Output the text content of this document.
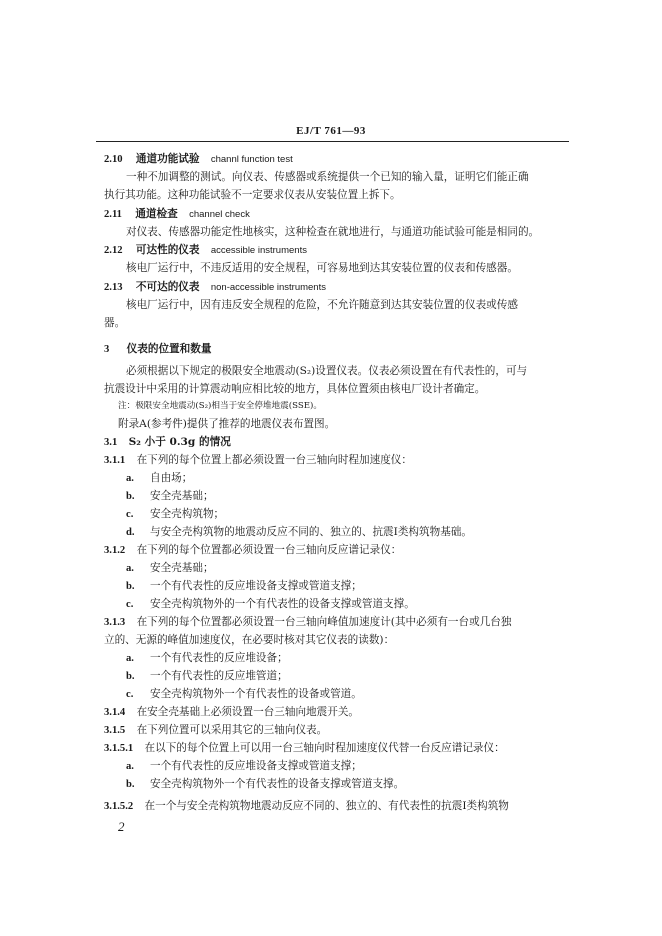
EJ/T 761—93
2.10 通道功能试验 channl function test
一种不加调整的测试。向仪表、传感器或系统提供一个已知的输入量，证明它们能正确
执行其功能。这种功能试验不一定要求仪表从安装位置上拆下。
2.11 通道检查 channel check
对仪表、传感器功能定性地核实，这种检查在就地进行，与通道功能试验可能是相同的。
2.12 可达性的仪表 accessible instruments
核电厂运行中，不违反适用的安全规程，可容易地到达其安装位置的仪表和传感器。
2.13 不可达的仪表 non-accessible instruments
核电厂运行中，因有违反安全规程的危险，不允许随意到达其安装位置的仪表或传感
器。
3 仪表的位置和数量
必须根据以下规定的极限安全地震动(S₂)设置仪表。仪表必须设置在有代表性的，可与
抗震设计中采用的计算震动响应相比较的地方，具体位置须由核电厂设计者确定。
注：极限安全地震动(S₂)相当于安全停堆地震(SSE)。
附录A(参考件)提供了推荐的地震仪表布置图。
3.1 S₂ 小于 0.3g 的情况
3.1.1 在下列的每个位置上都必须设置一台三轴向时程加速度仪：
a. 自由场；
b. 安全壳基础；
c. 安全壳构筑物；
d. 与安全壳构筑物的地震动反应不同的、独立的、抗震Ⅰ类构筑物基础。
3.1.2 在下列的每个位置都必须设置一台三轴向反应谱记录仪：
a. 安全壳基础；
b. 一个有代表性的反应堆设备支撑或管道支撑；
c. 安全壳构筑物外的一个有代表性的设备支撑或管道支撑。
3.1.3 在下列的每个位置都必须设置一台三轴向峰值加速度计(其中必须有一台或几台独
立的、无源的峰值加速度仪，在必要时核对其它仪表的读数)：
a. 一个有代表性的反应堆设备；
b. 一个有代表性的反应堆管道；
c. 安全壳构筑物外一个有代表性的设备或管道。
3.1.4 在安全壳基础上必须设置一台三轴向地震开关。
3.1.5 在下列位置可以采用其它的三轴向仪表。
3.1.5.1 在以下的每个位置上可以用一台三轴向时程加速度仪代替一台反应谱记录仪：
a. 一个有代表性的反应堆设备支撑或管道支撑；
b. 安全壳构筑物外一个有代表性的设备支撑或管道支撑。
3.1.5.2 在一个与安全壳构筑物地震动反应不同的、独立的、有代表性的抗震Ⅰ类构筑物
2
